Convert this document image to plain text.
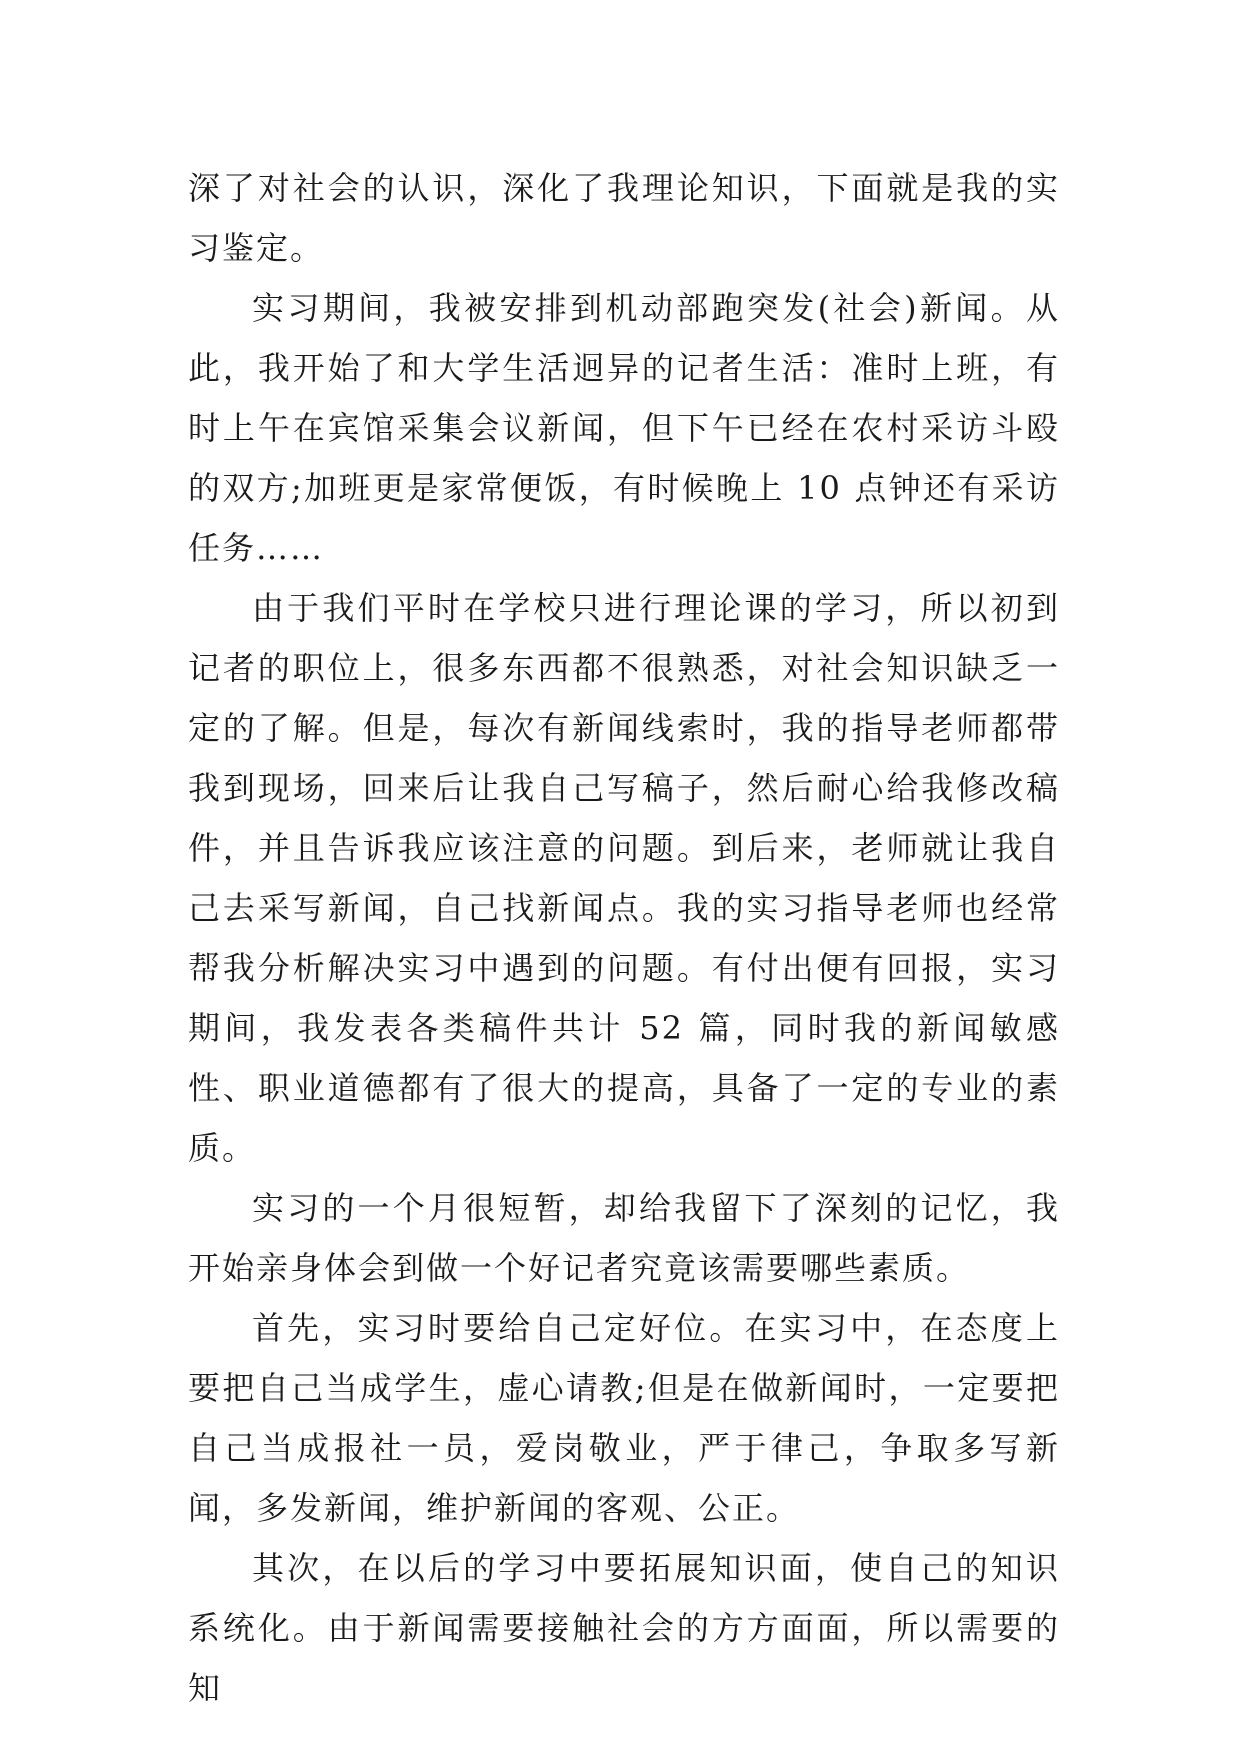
深了对社会的认识，深化了我理论知识，下面就是我的实习鉴定。

实习期间，我被安排到机动部跑突发(社会)新闻。从此，我开始了和大学生活迥异的记者生活：准时上班，有时上午在宾馆采集会议新闻，但下午已经在农村采访斗殴的双方;加班更是家常便饭，有时候晚上 10 点钟还有采访任务……

由于我们平时在学校只进行理论课的学习，所以初到记者的职位上，很多东西都不很熟悉，对社会知识缺乏一定的了解。但是，每次有新闻线索时，我的指导老师都带我到现场，回来后让我自己写稿子，然后耐心给我修改稿件，并且告诉我应该注意的问题。到后来，老师就让我自己去采写新闻，自己找新闻点。我的实习指导老师也经常帮我分析解决实习中遇到的问题。有付出便有回报，实习期间，我发表各类稿件共计 52 篇，同时我的新闻敏感性、职业道德都有了很大的提高，具备了一定的专业的素质。

实习的一个月很短暂，却给我留下了深刻的记忆，我开始亲身体会到做一个好记者究竟该需要哪些素质。

首先，实习时要给自己定好位。在实习中，在态度上要把自己当成学生，虚心请教;但是在做新闻时，一定要把自己当成报社一员，爱岗敬业，严于律己，争取多写新闻，多发新闻，维护新闻的客观、公正。

其次，在以后的学习中要拓展知识面，使自己的知识系统化。由于新闻需要接触社会的方方面面，所以需要的知
